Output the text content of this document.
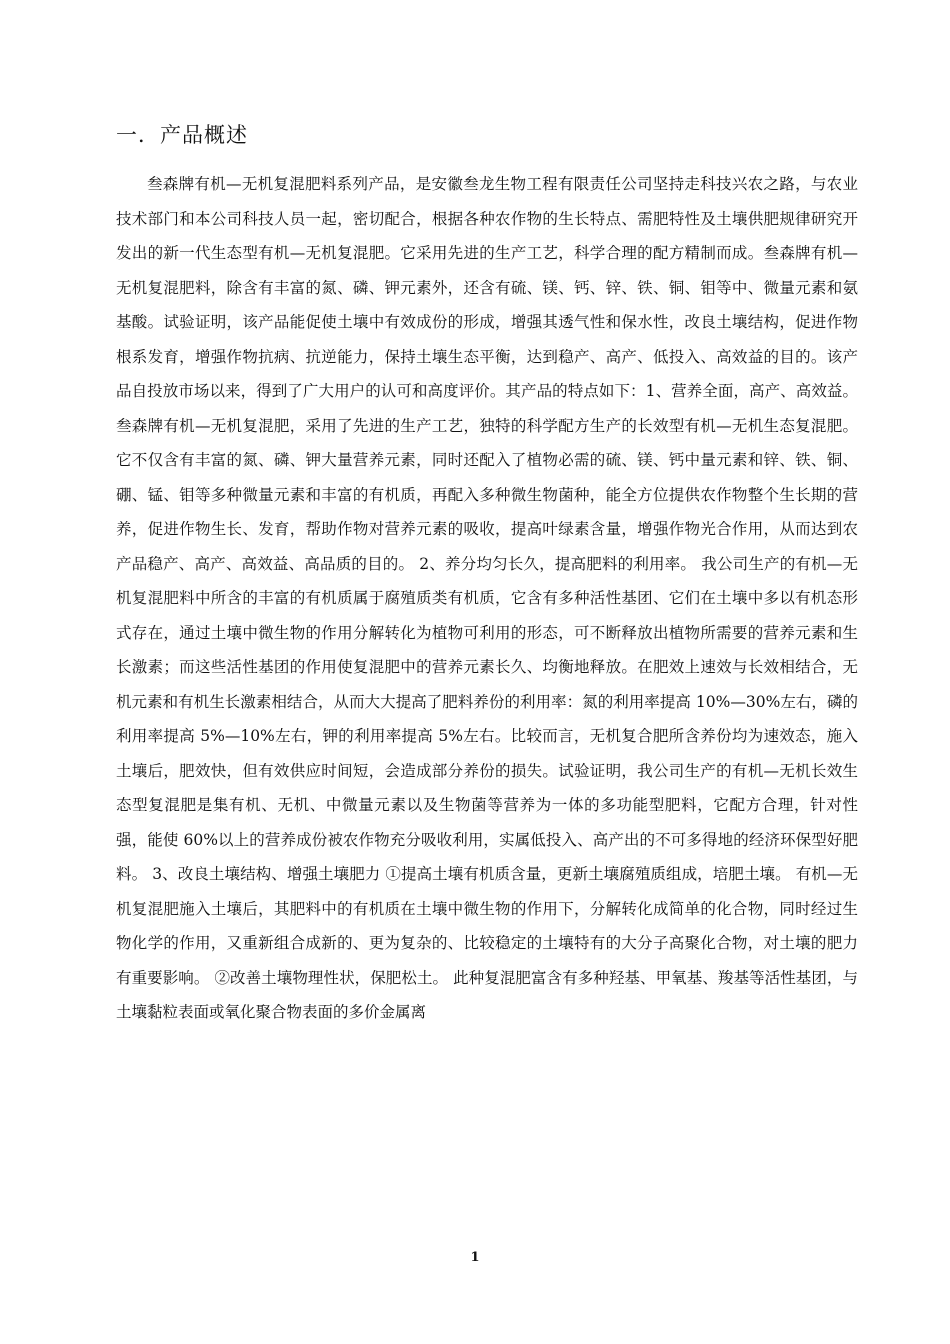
一．产品概述

叁森牌有机—无机复混肥料系列产品，是安徽叁龙生物工程有限责任公司坚持走科技兴农之路，与农业技术部门和本公司科技人员一起，密切配合，根据各种农作物的生长特点、需肥特性及土壤供肥规律研究开发出的新一代生态型有机—无机复混肥。它采用先进的生产工艺，科学合理的配方精制而成。叁森牌有机—无机复混肥料，除含有丰富的氮、磷、钾元素外，还含有硫、镁、钙、锌、铁、铜、钼等中、微量元素和氨基酸。试验证明，该产品能促使土壤中有效成份的形成，增强其透气性和保水性，改良土壤结构，促进作物根系发育，增强作物抗病、抗逆能力，保持土壤生态平衡，达到稳产、高产、低投入、高效益的目的。该产品自投放市场以来，得到了广大用户的认可和高度评价。其产品的特点如下：1、营养全面，高产、高效益。 叁森牌有机—无机复混肥，采用了先进的生产工艺，独特的科学配方生产的长效型有机—无机生态复混肥。它不仅含有丰富的氮、磷、钾大量营养元素，同时还配入了植物必需的硫、镁、钙中量元素和锌、铁、铜、硼、锰、钼等多种微量元素和丰富的有机质，再配入多种微生物菌种，能全方位提供农作物整个生长期的营养，促进作物生长、发育，帮助作物对营养元素的吸收，提高叶绿素含量，增强作物光合作用，从而达到农产品稳产、高产、高效益、高品质的目的。 2、养分均匀长久，提高肥料的利用率。 我公司生产的有机—无机复混肥料中所含的丰富的有机质属于腐殖质类有机质，它含有多种活性基团、它们在土壤中多以有机态形式存在，通过土壤中微生物的作用分解转化为植物可利用的形态，可不断释放出植物所需要的营养元素和生长激素；而这些活性基团的作用使复混肥中的营养元素长久、均衡地释放。在肥效上速效与长效相结合，无机元素和有机生长激素相结合，从而大大提高了肥料养份的利用率：氮的利用率提高 10%—30%左右，磷的利用率提高 5%—10%左右，钾的利用率提高 5%左右。比较而言，无机复合肥所含养份均为速效态，施入土壤后，肥效快，但有效供应时间短，会造成部分养份的损失。试验证明，我公司生产的有机—无机长效生态型复混肥是集有机、无机、中微量元素以及生物菌等营养为一体的多功能型肥料，它配方合理，针对性强，能使 60%以上的营养成份被农作物充分吸收利用，实属低投入、高产出的不可多得地的经济环保型好肥料。 3、改良土壤结构、增强土壤肥力 ①提高土壤有机质含量，更新土壤腐殖质组成，培肥土壤。 有机—无机复混肥施入土壤后，其肥料中的有机质在土壤中微生物的作用下，分解转化成简单的化合物，同时经过生物化学的作用，又重新组合成新的、更为复杂的、比较稳定的土壤特有的大分子高聚化合物，对土壤的肥力有重要影响。 ②改善土壤物理性状，保肥松土。 此种复混肥富含有多种羟基、甲氧基、羧基等活性基团，与土壤黏粒表面或氧化聚合物表面的多价金属离

1
